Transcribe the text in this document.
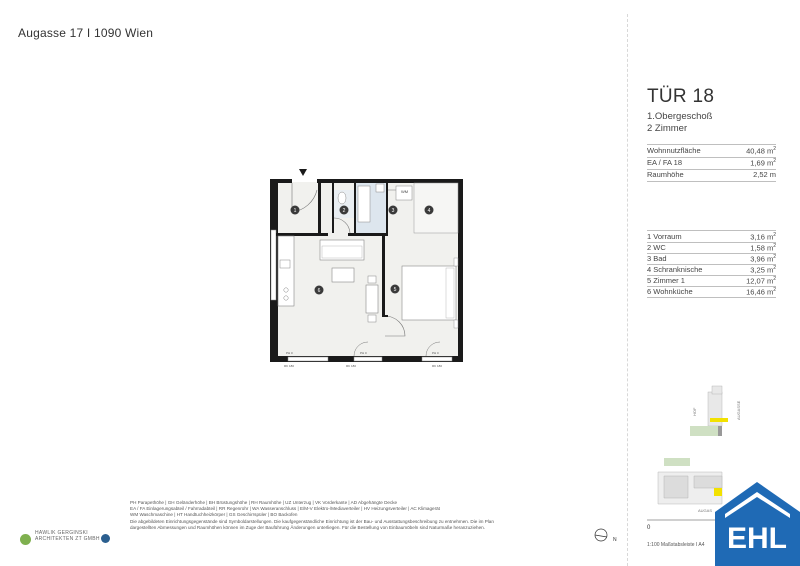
Augasse 17 I 1090 Wien
TÜR 18
1.Obergeschoß
2 Zimmer
Wohnnutzfläche	40,48 $m^2$
EA / FA 18	1,69 $m^2$
Raumhöhe	2,52 m
1 Vorraum	3,16 $m^2$
2 WC	1,58 $m^2$
3 Bad	3,96 $m^2$
4 Schranknische	3,25 $m^2$
5 Zimmer 1	12,07 $m^2$
6 Wohnküche	16,46 $m^2$
1	2	3	4
5
6
WM
PH 0	PH 0	PH 0
RK 180	RK 180	RK 180
AUGASSE
HOF
AUGAS
0
1:100 Maßstabsleiste I A4
PH Parapethöhe | GH Geländerhöhe | BH Brüstungshöhe | RH Raumhöhe | UZ Unterzug | VK Vorderkante | AD Abgehängte Decke
EA / FA Einlagerungsabteil / Fahrradabteil | RR Regenrohr | WA Wasseranschluss | E/M-V Elektro-/Mediaverteiler | HV Heizungsverteiler | AC Klimagerät
WM Waschmaschine | HT Handtuchheizkörper | GS Geschirrspüler | BO Backofen
Die abgebildeten Einrichtungsgegenstände sind Symboldarstellungen. Die kaufgegenständliche Einrichtung ist der Bau- und Ausstattungsbeschreibung zu entnehmen. Die im Plan
dargestellten Abmessungen und Raumhöhen können im Zuge der Bauführung Änderungen unterliegen. Für die Bestellung von Einbaumöbeln sind Naturmaße heranzuziehen.
HAWLIK GERGINSKI
ARCHITEKTEN ZT GMBH	N	EHL
